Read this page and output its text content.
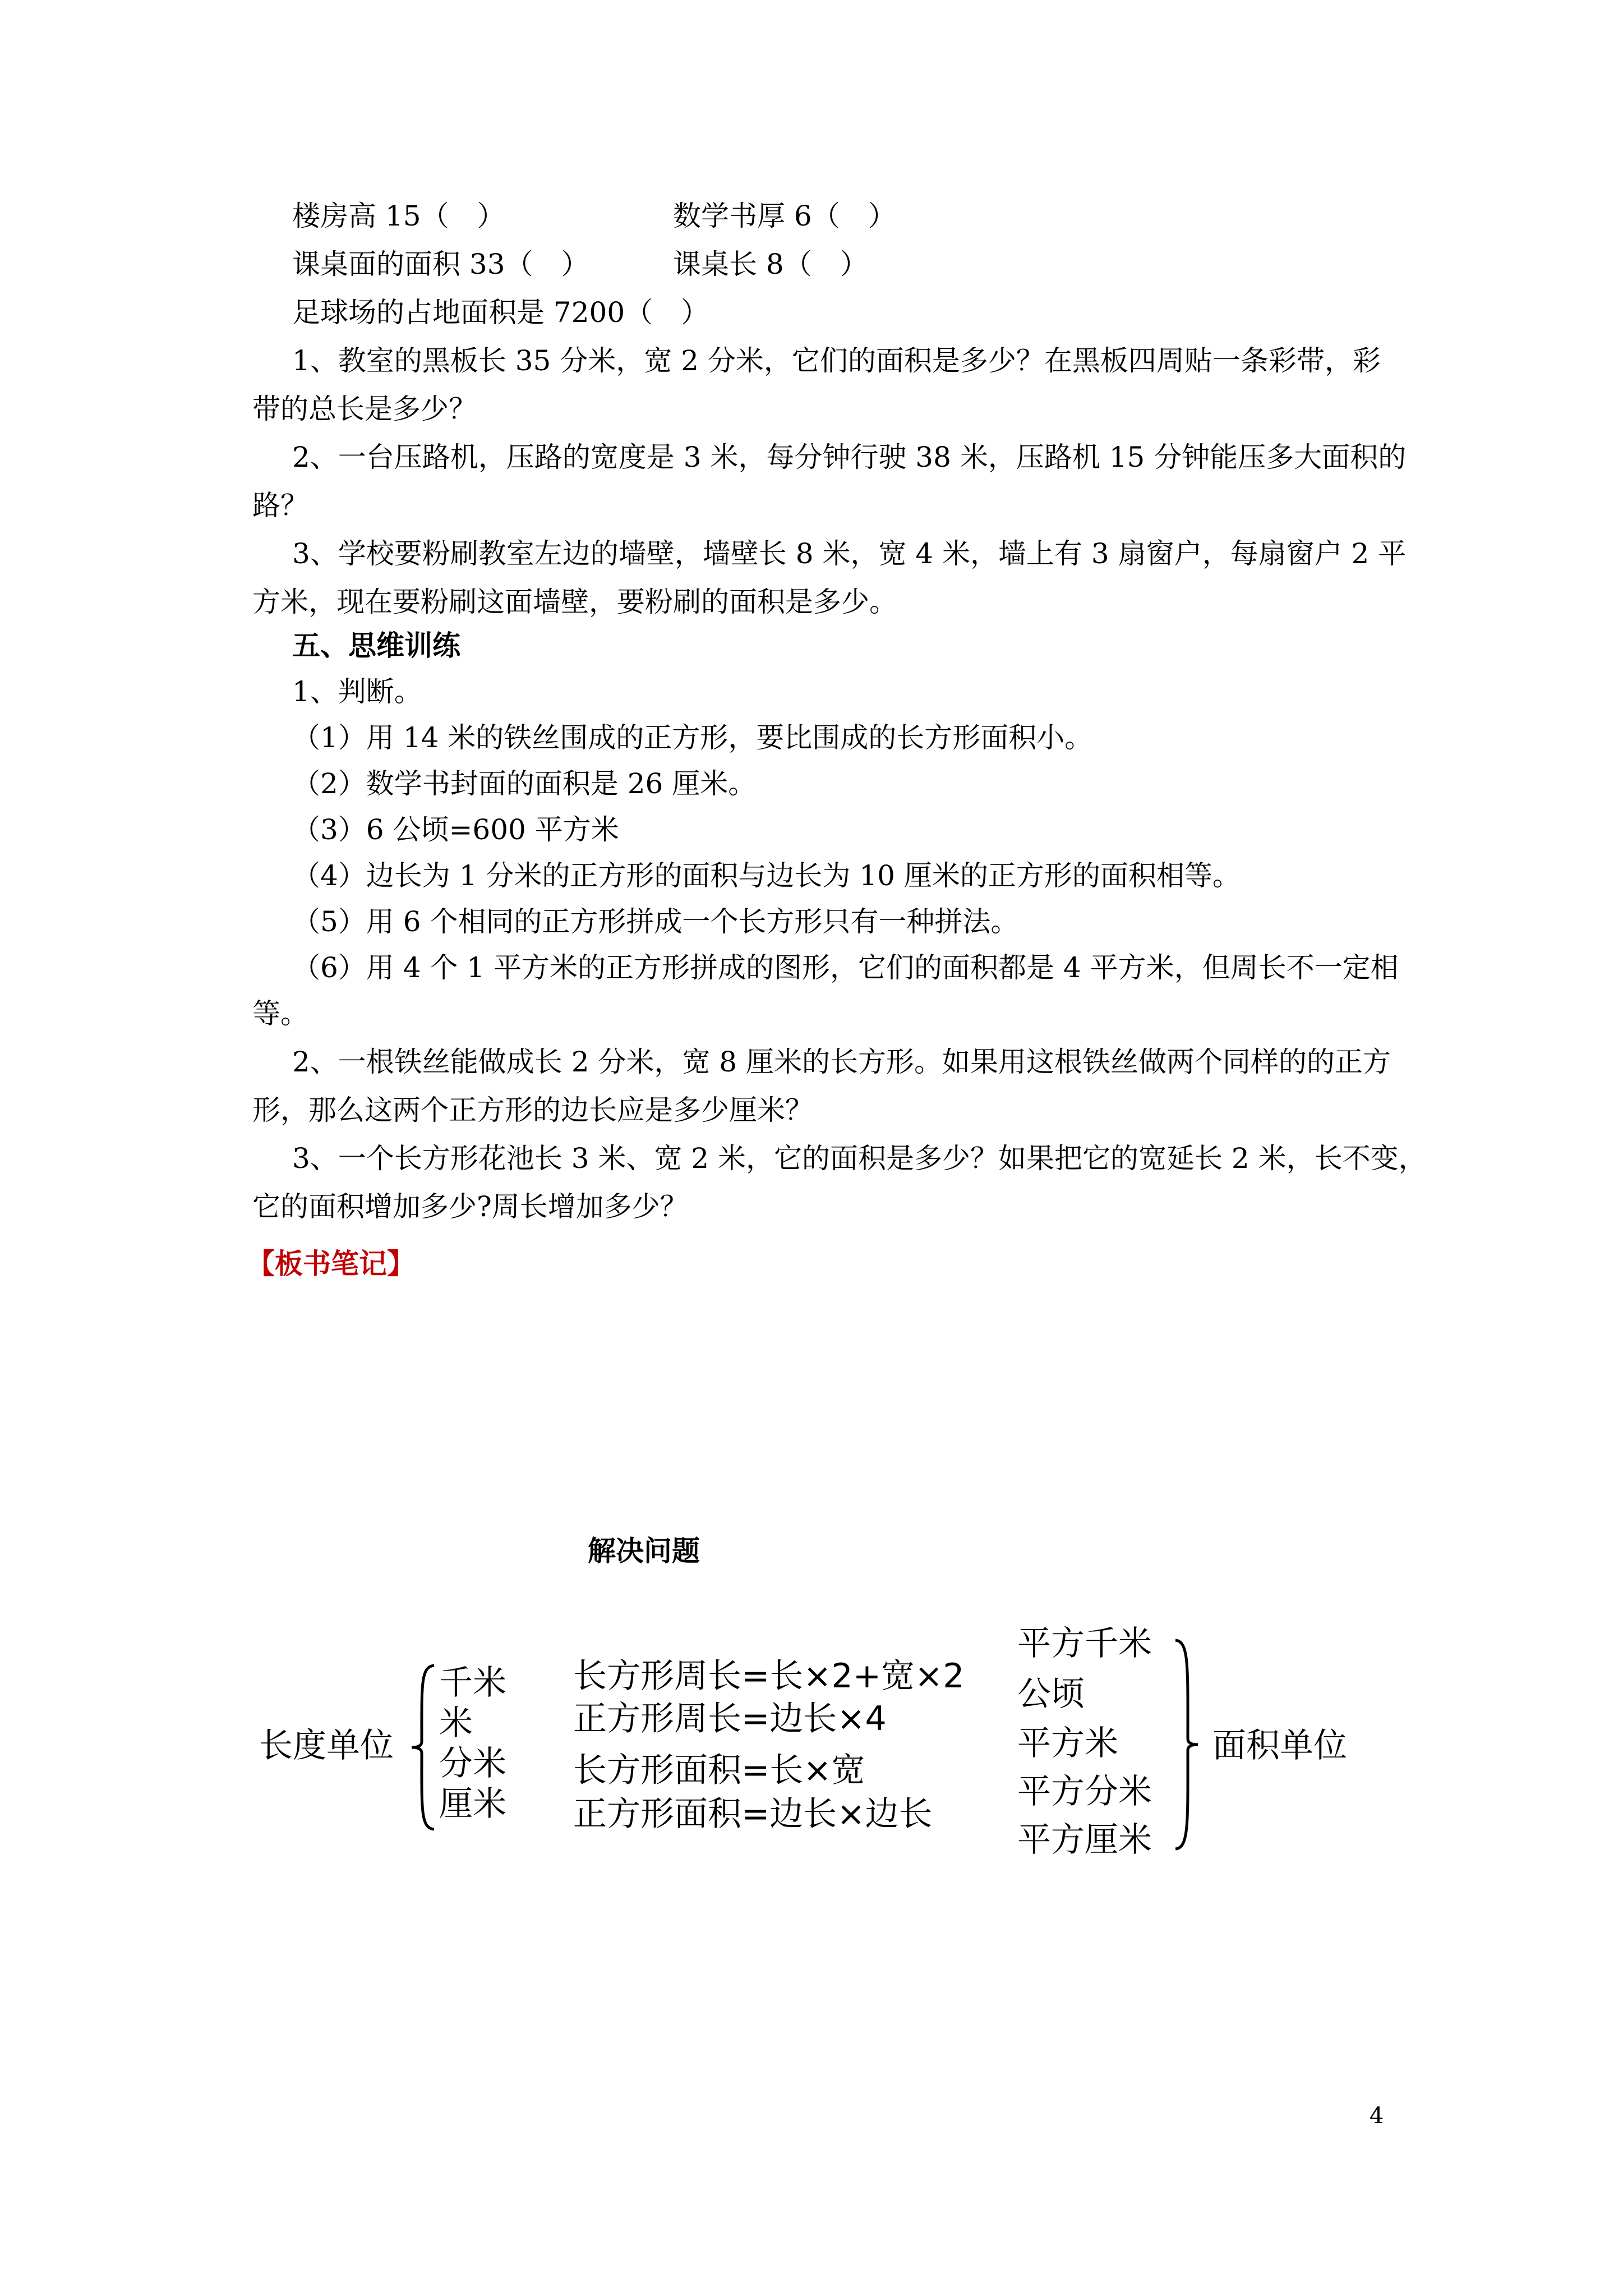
楼房高 15（　）	数学书厚 6（　）
课桌面的面积 33（　）	课桌长 8（　）
足球场的占地面积是 7200（　）
1、教室的黑板长 35 分米，宽 2 分米，它们的面积是多少？在黑板四周贴一条彩带，彩
带的总长是多少？
2、一台压路机，压路的宽度是 3 米，每分钟行驶 38 米，压路机 15 分钟能压多大面积的
路？
3、学校要粉刷教室左边的墙壁，墙壁长 8 米，宽 4 米，墙上有 3 扇窗户，每扇窗户 2 平
方米，现在要粉刷这面墙壁，要粉刷的面积是多少。
五、思维训练
1、判断。
（1）用 14 米的铁丝围成的正方形，要比围成的长方形面积小。
（2）数学书封面的面积是 26 厘米。
（3）6 公顷=600 平方米
（4）边长为 1 分米的正方形的面积与边长为 10 厘米的正方形的面积相等。
（5）用 6 个相同的正方形拼成一个长方形只有一种拼法。
（6）用 4 个 1 平方米的正方形拼成的图形，它们的面积都是 4 平方米，但周长不一定相
等。
2、一根铁丝能做成长 2 分米，宽 8 厘米的长方形。如果用这根铁丝做两个同样的的正方
形，那么这两个正方形的边长应是多少厘米？
3、一个长方形花池长 3 米、宽 2 米，它的面积是多少？如果把它的宽延长 2 米，长不变，
它的面积增加多少?周长增加多少？
【板书笔记】
解决问题
长度单位
千米
米
分米
厘米
长方形周长=长×2+宽×2
正方形周长=边长×4
长方形面积=长×宽
正方形面积=边长×边长
平方千米
公顷
平方米
平方分米
平方厘米
面积单位
4
